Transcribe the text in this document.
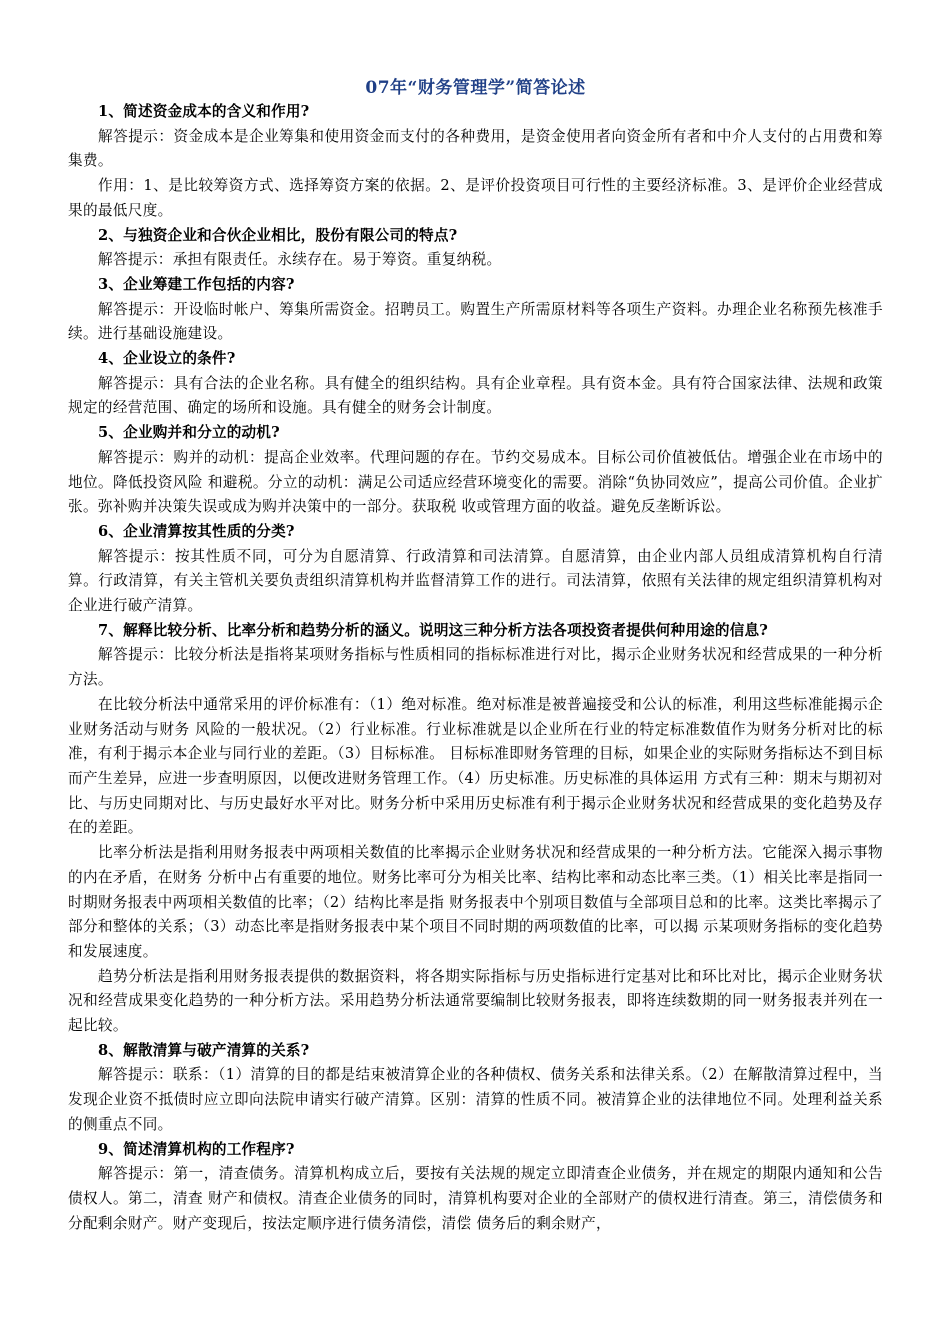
07年“财务管理学”简答论述
1、简述资金成本的含义和作用?
解答提示：资金成本是企业筹集和使用资金而支付的各种费用，是资金使用者向资金所有者和中介人支付的占用费和筹集费。
作用：1、是比较筹资方式、选择筹资方案的依据。2、是评价投资项目可行性的主要经济标准。3、是评价企业经营成果的最低尺度。
2、与独资企业和合伙企业相比，股份有限公司的特点?
解答提示：承担有限责任。永续存在。易于筹资。重复纳税。
3、企业筹建工作包括的内容?
解答提示：开设临时帐户、筹集所需资金。招聘员工。购置生产所需原材料等各项生产资料。办理企业名称预先核准手续。进行基础设施建设。
4、企业设立的条件?
解答提示：具有合法的企业名称。具有健全的组织结构。具有企业章程。具有资本金。具有符合国家法律、法规和政策规定的经营范围、确定的场所和设施。具有健全的财务会计制度。
5、企业购并和分立的动机?
解答提示：购并的动机：提高企业效率。代理问题的存在。节约交易成本。目标公司价值被低估。增强企业在市场中的地位。降低投资风险 和避税。分立的动机：满足公司适应经营环境变化的需要。消除“负协同效应”，提高公司价值。企业扩张。弥补购并决策失误或成为购并决策中的一部分。获取税 收或管理方面的收益。避免反垄断诉讼。
6、企业清算按其性质的分类?
解答提示：按其性质不同，可分为自愿清算、行政清算和司法清算。自愿清算，由企业内部人员组成清算机构自行清算。行政清算，有关主管机关要负责组织清算机构并监督清算工作的进行。司法清算，依照有关法律的规定组织清算机构对企业进行破产清算。
7、解释比较分析、比率分析和趋势分析的涵义。说明这三种分析方法各项投资者提供何种用途的信息?
解答提示：比较分析法是指将某项财务指标与性质相同的指标标准进行对比，揭示企业财务状况和经营成果的一种分析方法。
在比较分析法中通常采用的评价标准有：（1）绝对标准。绝对标准是被普遍接受和公认的标准，利用这些标准能揭示企业财务活动与财务 风险的一般状况。（2）行业标准。行业标准就是以企业所在行业的特定标准数值作为财务分析对比的标准，有利于揭示本企业与同行业的差距。（3）目标标准。 目标标准即财务管理的目标，如果企业的实际财务指标达不到目标而产生差异，应进一步查明原因，以便改进财务管理工作。（4）历史标准。历史标准的具体运用 方式有三种：期末与期初对比、与历史同期对比、与历史最好水平对比。财务分析中采用历史标准有利于揭示企业财务状况和经营成果的变化趋势及存在的差距。
比率分析法是指利用财务报表中两项相关数值的比率揭示企业财务状况和经营成果的一种分析方法。它能深入揭示事物的内在矛盾，在财务 分析中占有重要的地位。财务比率可分为相关比率、结构比率和动态比率三类。（1）相关比率是指同一时期财务报表中两项相关数值的比率；（2）结构比率是指 财务报表中个别项目数值与全部项目总和的比率。这类比率揭示了部分和整体的关系；（3）动态比率是指财务报表中某个项目不同时期的两项数值的比率，可以揭 示某项财务指标的变化趋势和发展速度。
趋势分析法是指利用财务报表提供的数据资料，将各期实际指标与历史指标进行定基对比和环比对比，揭示企业财务状况和经营成果变化趋势的一种分析方法。采用趋势分析法通常要编制比较财务报表，即将连续数期的同一财务报表并列在一起比较。
8、解散清算与破产清算的关系?
解答提示：联系：（1）清算的目的都是结束被清算企业的各种债权、债务关系和法律关系。（2）在解散清算过程中，当发现企业资不抵债时应立即向法院申请实行破产清算。区别：清算的性质不同。被清算企业的法律地位不同。处理利益关系的侧重点不同。
9、简述清算机构的工作程序?
解答提示：第一，清查债务。清算机构成立后，要按有关法规的规定立即清查企业债务，并在规定的期限内通知和公告债权人。第二，清查 财产和债权。清查企业债务的同时，清算机构要对企业的全部财产的债权进行清查。第三，清偿债务和分配剩余财产。财产变现后，按法定顺序进行债务清偿，清偿 债务后的剩余财产，
